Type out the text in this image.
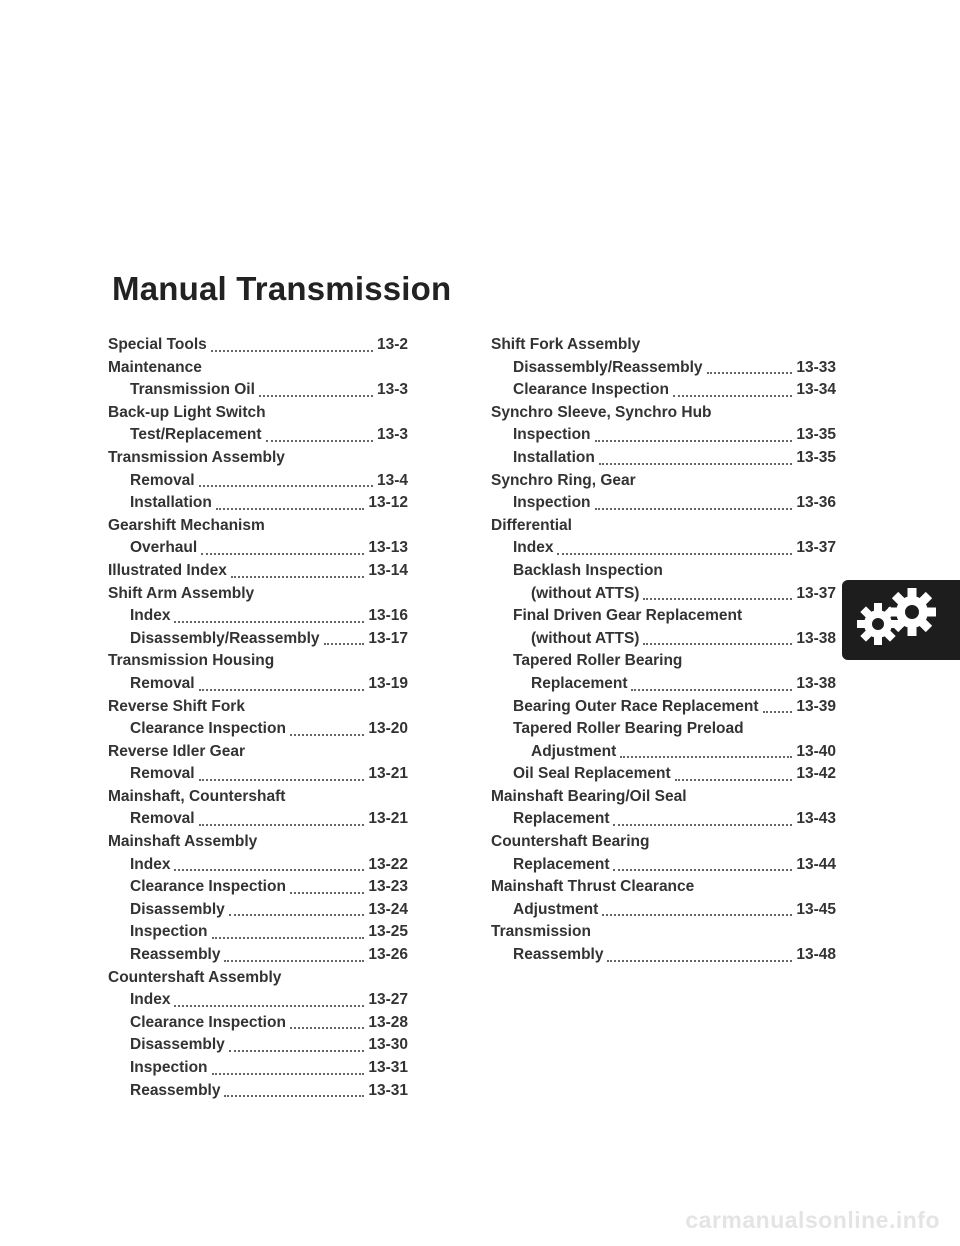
Manual Transmission
Special Tools	13-2
Maintenance
Transmission Oil	13-3
Back-up Light Switch
Test/Replacement	13-3
Transmission Assembly
Removal	13-4
Installation	13-12
Gearshift Mechanism
Overhaul	13-13
Illustrated Index	13-14
Shift Arm Assembly
Index	13-16
Disassembly/Reassembly	13-17
Transmission Housing
Removal	13-19
Reverse Shift Fork
Clearance Inspection	13-20
Reverse Idler Gear
Removal	13-21
Mainshaft, Countershaft
Removal	13-21
Mainshaft Assembly
Index	13-22
Clearance Inspection	13-23
Disassembly	13-24
Inspection	13-25
Reassembly	13-26
Countershaft Assembly
Index	13-27
Clearance Inspection	13-28
Disassembly	13-30
Inspection	13-31
Reassembly	13-31
Shift Fork Assembly
Disassembly/Reassembly	13-33
Clearance Inspection	13-34
Synchro Sleeve, Synchro Hub
Inspection	13-35
Installation	13-35
Synchro Ring, Gear
Inspection	13-36
Differential
Index	13-37
Backlash Inspection
(without ATTS)	13-37
Final Driven Gear Replacement
(without ATTS)	13-38
Tapered Roller Bearing
Replacement	13-38
Bearing Outer Race Replacement 13-39
Tapered Roller Bearing Preload
Adjustment	13-40
Oil Seal Replacement	13-42
Mainshaft Bearing/Oil Seal
Replacement	13-43
Countershaft Bearing
Replacement	13-44
Mainshaft Thrust Clearance
Adjustment	13-45
Transmission
Reassembly	13-48
carmanualsonline.info
